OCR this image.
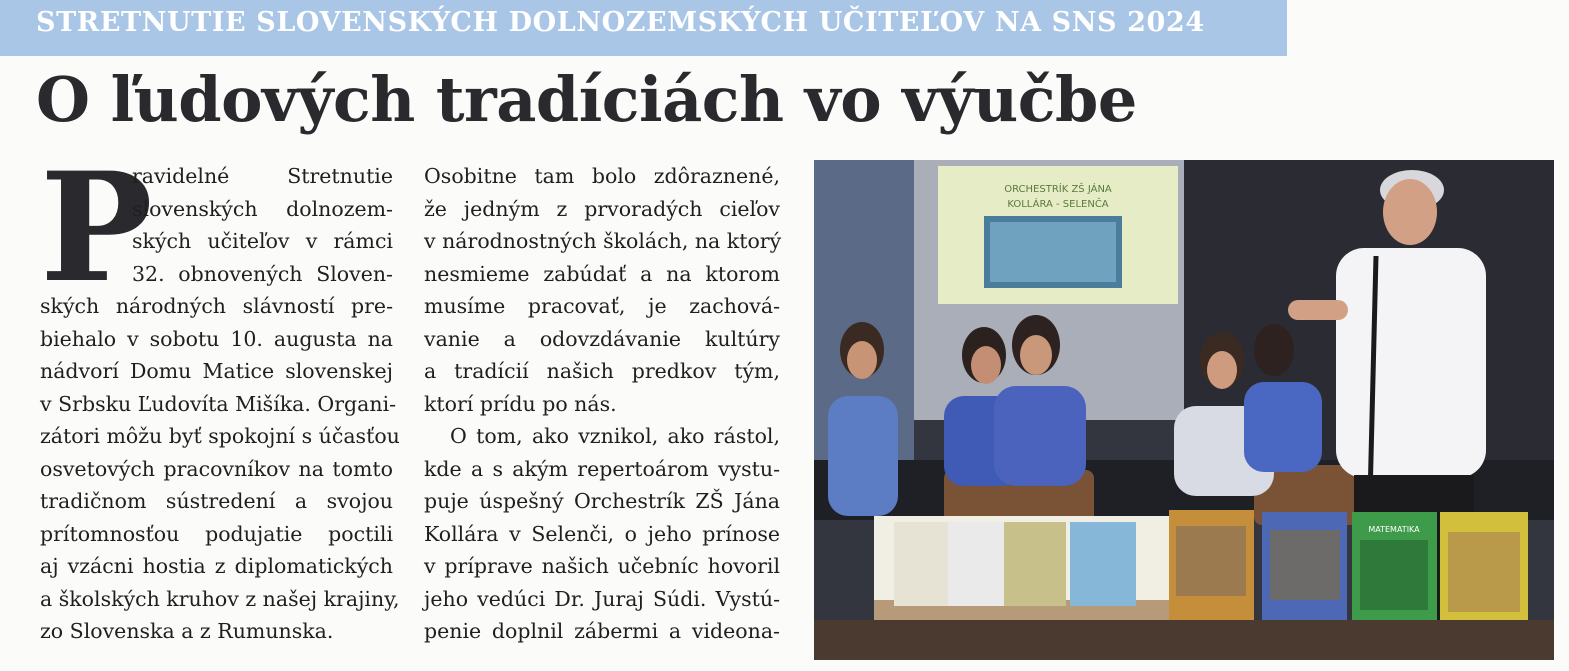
STRETNUTIE SLOVENSKÝCH DOLNOZEMSKÝCH UČITEĽOV NA SNS 2024
O ľudových tradíciách vo výučbe
P
ravidelné Stretnutie
slovenských dolnozem-
ských učiteľov v rámci
32. obnovených Sloven-
ských národných slávností pre-
biehalo v sobotu 10. augusta na
nádvorí Domu Matice slovenskej
v Srbsku Ľudovíta Mišíka. Organi-
zátori môžu byť spokojní s účasťou
osvetových pracovníkov na tomto
tradičnom sústredení a svojou
prítomnosťou podujatie poctili
aj vzácni hostia z diplomatických
a školských kruhov z našej krajiny,
zo Slovenska a z Rumunska.
Osobitne tam bolo zdôraznené,
že jedným z prvoradých cieľov
v národnostných školách, na ktorý
nesmieme zabúdať a na ktorom
musíme pracovať, je zachová-
vanie a odovzdávanie kultúry
a tradícií našich predkov tým,
ktorí prídu po nás.
O tom, ako vznikol, ako rástol,
kde a s akým repertoárom vystu-
puje úspešný Orchestrík ZŠ Jána
Kollára v Selenči, o jeho prínose
v príprave našich učebníc hovoril
jeho vedúci Dr. Juraj Súdi. Vystú-
penie doplnil zábermi a videona-
ORCHESTRÍK ZŠ JÁNA
KOLLÁRA - SELENČA
MATEMATIKA
